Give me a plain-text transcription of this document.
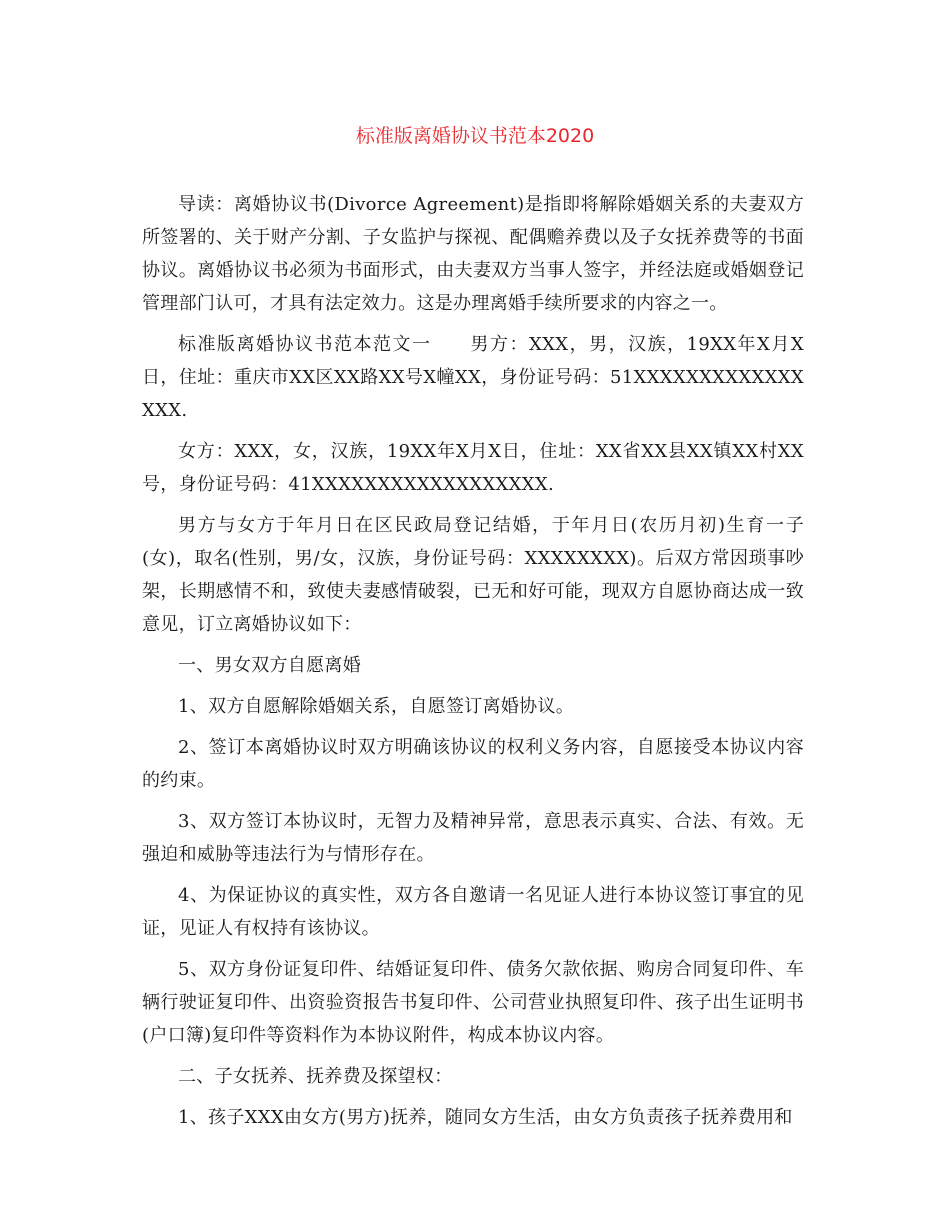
标准版离婚协议书范本2020

导读：离婚协议书(Divorce Agreement)是指即将解除婚姻关系的夫妻双方所签署的、关于财产分割、子女监护与探视、配偶赡养费以及子女抚养费等的书面协议。离婚协议书必须为书面形式，由夫妻双方当事人签字，并经法庭或婚姻登记管理部门认可，才具有法定效力。这是办理离婚手续所要求的内容之一。

标准版离婚协议书范本范文一　　男方：XXX，男，汉族，19XX年X月X日，住址：重庆市XX区XX路XX号X幢XX，身份证号码：51XXXXXXXXXXXXXXXX.

女方：XXX，女，汉族，19XX年X月X日，住址：XX省XX县XX镇XX村XX号，身份证号码：41XXXXXXXXXXXXXXXXXX.

男方与女方于年月日在区民政局登记结婚，于年月日(农历月初)生育一子(女)，取名(性别，男/女，汉族，身份证号码：XXXXXXXX)。后双方常因琐事吵架，长期感情不和，致使夫妻感情破裂，已无和好可能，现双方自愿协商达成一致意见，订立离婚协议如下：

一、男女双方自愿离婚

1、双方自愿解除婚姻关系，自愿签订离婚协议。

2、签订本离婚协议时双方明确该协议的权利义务内容，自愿接受本协议内容的约束。

3、双方签订本协议时，无智力及精神异常，意思表示真实、合法、有效。无强迫和威胁等违法行为与情形存在。

4、为保证协议的真实性，双方各自邀请一名见证人进行本协议签订事宜的见证，见证人有权持有该协议。

5、双方身份证复印件、结婚证复印件、债务欠款依据、购房合同复印件、车辆行驶证复印件、出资验资报告书复印件、公司营业执照复印件、孩子出生证明书(户口簿)复印件等资料作为本协议附件，构成本协议内容。

二、子女抚养、抚养费及探望权：

1、孩子XXX由女方(男方)抚养，随同女方生活，由女方负责孩子抚养费用和
